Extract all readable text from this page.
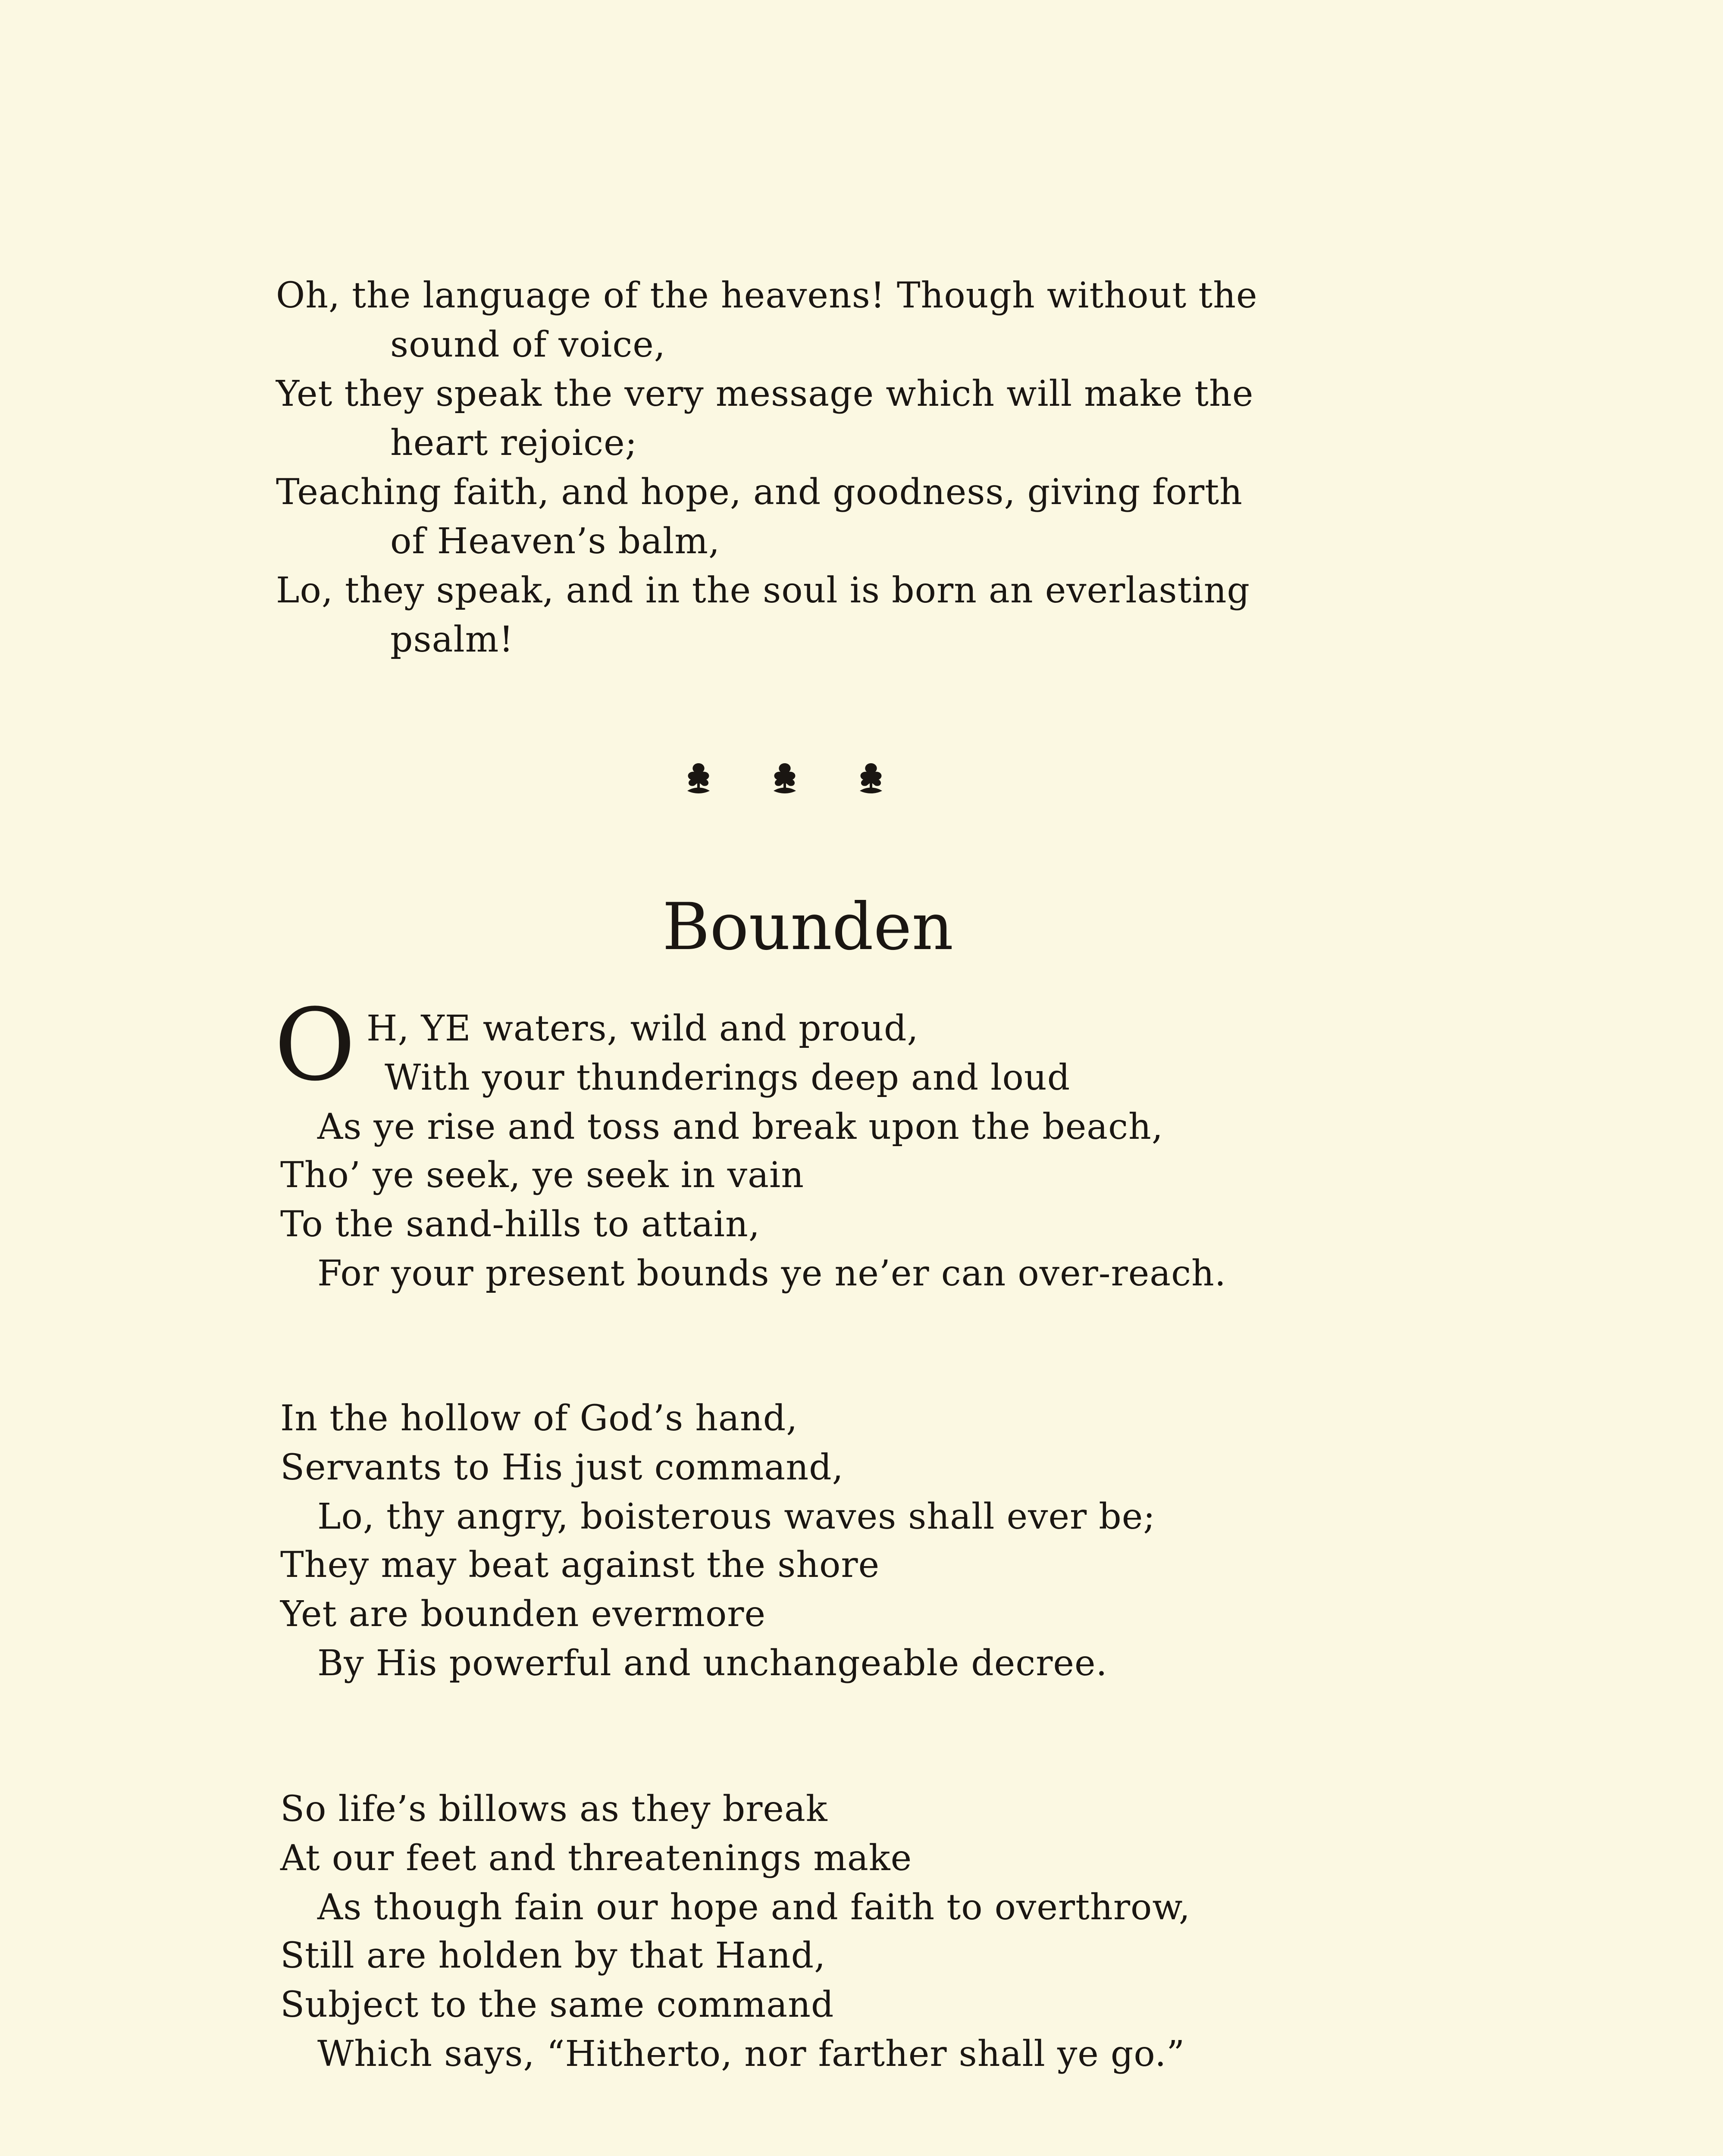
Oh, the language of the heavens! Though without the
sound of voice,
Yet they speak the very message which will make the
heart rejoice;
Teaching faith, and hope, and goodness, giving forth
of Heaven’s balm,
Lo, they speak, and in the soul is born an everlasting
psalm!
Bounden
O H, YE waters, wild and proud,
With your thunderings deep and loud
As ye rise and toss and break upon the beach,
Tho’ ye seek, ye seek in vain
To the sand-hills to attain,
For your present bounds ye ne’er can over-reach.
In the hollow of God’s hand,
Servants to His just command,
Lo, thy angry, boisterous waves shall ever be;
They may beat against the shore
Yet are bounden evermore
By His powerful and unchangeable decree.
So life’s billows as they break
At our feet and threatenings make
As though fain our hope and faith to overthrow,
Still are holden by that Hand,
Subject to the same command
Which says, “Hitherto, nor farther shall ye go.”
